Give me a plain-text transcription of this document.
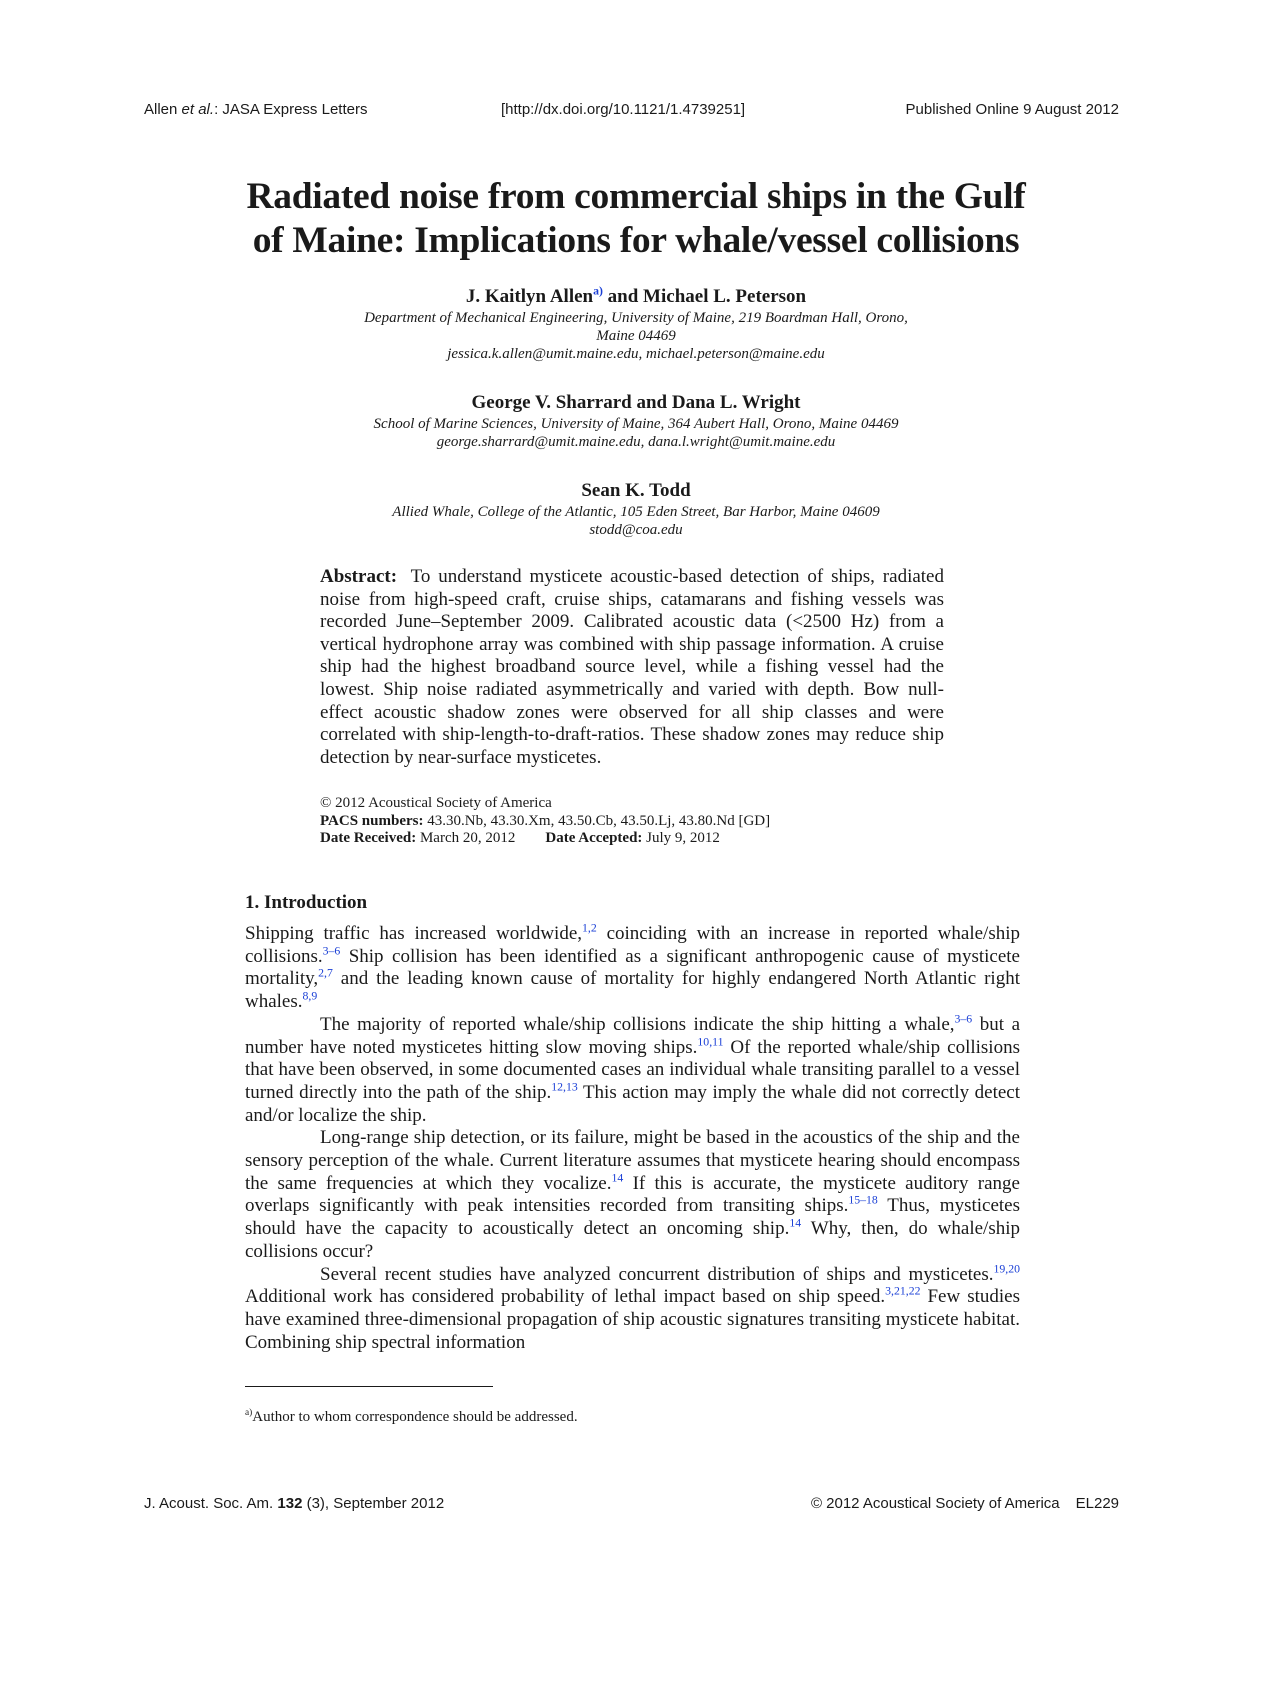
Allen et al.: JASA Express Letters	[http://dx.doi.org/10.1121/1.4739251]	Published Online 9 August 2012
Radiated noise from commercial ships in the Gulf
of Maine: Implications for whale/vessel collisions
J. Kaitlyn Allen$^{a)}$ and Michael L. Peterson
Department of Mechanical Engineering, University of Maine, 219 Boardman Hall, Orono,
Maine 04469
jessica.k.allen@umit.maine.edu, michael.peterson@maine.edu
George V. Sharrard and Dana L. Wright
School of Marine Sciences, University of Maine, 364 Aubert Hall, Orono, Maine 04469
george.sharrard@umit.maine.edu, dana.l.wright@umit.maine.edu
Sean K. Todd
Allied Whale, College of the Atlantic, 105 Eden Street, Bar Harbor, Maine 04609
stodd@coa.edu
Abstract: To understand mysticete acoustic-based detection of ships, radiated noise from high-speed craft, cruise ships, catamarans and fishing vessels was recorded June–September 2009. Calibrated acoustic data (<2500 Hz) from a vertical hydrophone array was combined with ship passage information. A cruise ship had the highest broadband source level, while a fishing vessel had the lowest. Ship noise radiated asymmetrically and varied with depth. Bow null-effect acoustic shadow zones were observed for all ship classes and were correlated with ship-length-to-draft-ratios. These shadow zones may reduce ship detection by near-surface mysticetes.
© 2012 Acoustical Society of America
PACS numbers: 43.30.Nb, 43.30.Xm, 43.50.Cb, 43.50.Lj, 43.80.Nd [GD]
Date Received: March 20, 2012 Date Accepted: July 9, 2012
1. Introduction

Shipping traffic has increased worldwide,$^{1,2}$ coinciding with an increase in reported whale/ship collisions.$^{3-6}$ Ship collision has been identified as a significant anthropogenic cause of mysticete mortality,$^{2,7}$ and the leading known cause of mortality for highly endangered North Atlantic right whales.$^{8,9}$

The majority of reported whale/ship collisions indicate the ship hitting a whale,$^{3-6}$ but a number have noted mysticetes hitting slow moving ships.$^{10,11}$ Of the reported whale/ship collisions that have been observed, in some documented cases an individual whale transiting parallel to a vessel turned directly into the path of the ship.$^{12,13}$ This action may imply the whale did not correctly detect and/or localize the ship.

Long-range ship detection, or its failure, might be based in the acoustics of the ship and the sensory perception of the whale. Current literature assumes that mysticete hearing should encompass the same frequencies at which they vocalize.$^{14}$ If this is accurate, the mysticete auditory range overlaps significantly with peak intensities recorded from transiting ships.$^{15-18}$ Thus, mysticetes should have the capacity to acoustically detect an oncoming ship.$^{14}$ Why, then, do whale/ship collisions occur?

Several recent studies have analyzed concurrent distribution of ships and mysticetes.$^{19,20}$ Additional work has considered probability of lethal impact based on ship speed.$^{3,21,22}$ Few studies have examined three-dimensional propagation of ship acoustic signatures transiting mysticete habitat. Combining ship spectral information

$^{a)}$Author to whom correspondence should be addressed.
J. Acoust. Soc. Am. 132 (3), September 2012	© 2012 Acoustical Society of America EL229
